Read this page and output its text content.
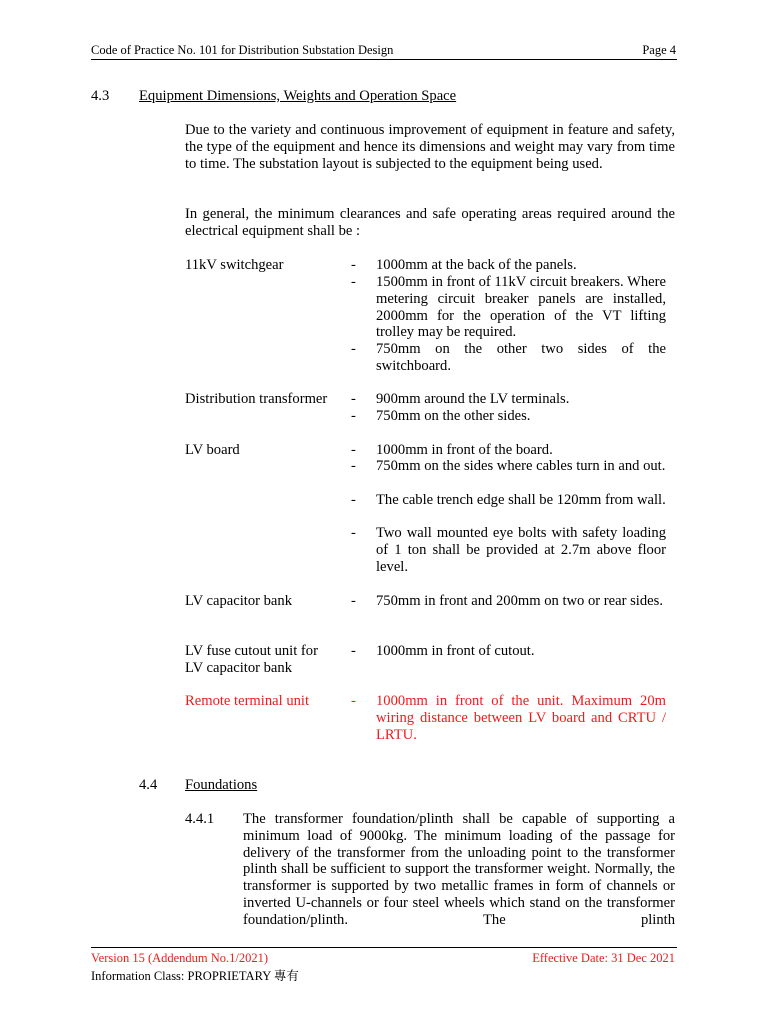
Code of Practice No. 101 for Distribution Substation Design	Page 4
4.3 Equipment Dimensions, Weights and Operation Space
Due to the variety and continuous improvement of equipment in feature and safety, the type of the equipment and hence its dimensions and weight may vary from time to time. The substation layout is subjected to the equipment being used.
In general, the minimum clearances and safe operating areas required around the electrical equipment shall be :
11kV switchgear	-	1000mm at the back of the panels.
-	1500mm in front of 11kV circuit breakers. Where metering circuit breaker panels are installed, 2000mm for the operation of the VT lifting trolley may be required.
-	750mm on the other two sides of the switchboard.
Distribution transformer	-	900mm around the LV terminals.
-	750mm on the other sides.
LV board	-	1000mm in front of the board.
-	750mm on the sides where cables turn in and out.
-	The cable trench edge shall be 120mm from wall.
-	Two wall mounted eye bolts with safety loading of 1 ton shall be provided at 2.7m above floor level.
LV capacitor bank	-	750mm in front and 200mm on two or rear sides.
LV fuse cutout unit for
LV capacitor bank
-	1000mm in front of cutout.
Remote terminal unit	-	1000mm in front of the unit. Maximum 20m wiring distance between LV board and CRTU / LRTU.
4.4 Foundations
4.4.1 The transformer foundation/plinth shall be capable of supporting a minimum load of 9000kg. The minimum loading of the passage for delivery of the transformer from the unloading point to the transformer plinth shall be sufficient to support the transformer weight. Normally, the transformer is supported by two metallic frames in form of channels or inverted U-channels or four steel wheels which stand on the transformer foundation/plinth. The plinth
Version 15 (Addendum No.1/2021)	Effective Date: 31 Dec 2021
Information Class: PROPRIETARY 專有
